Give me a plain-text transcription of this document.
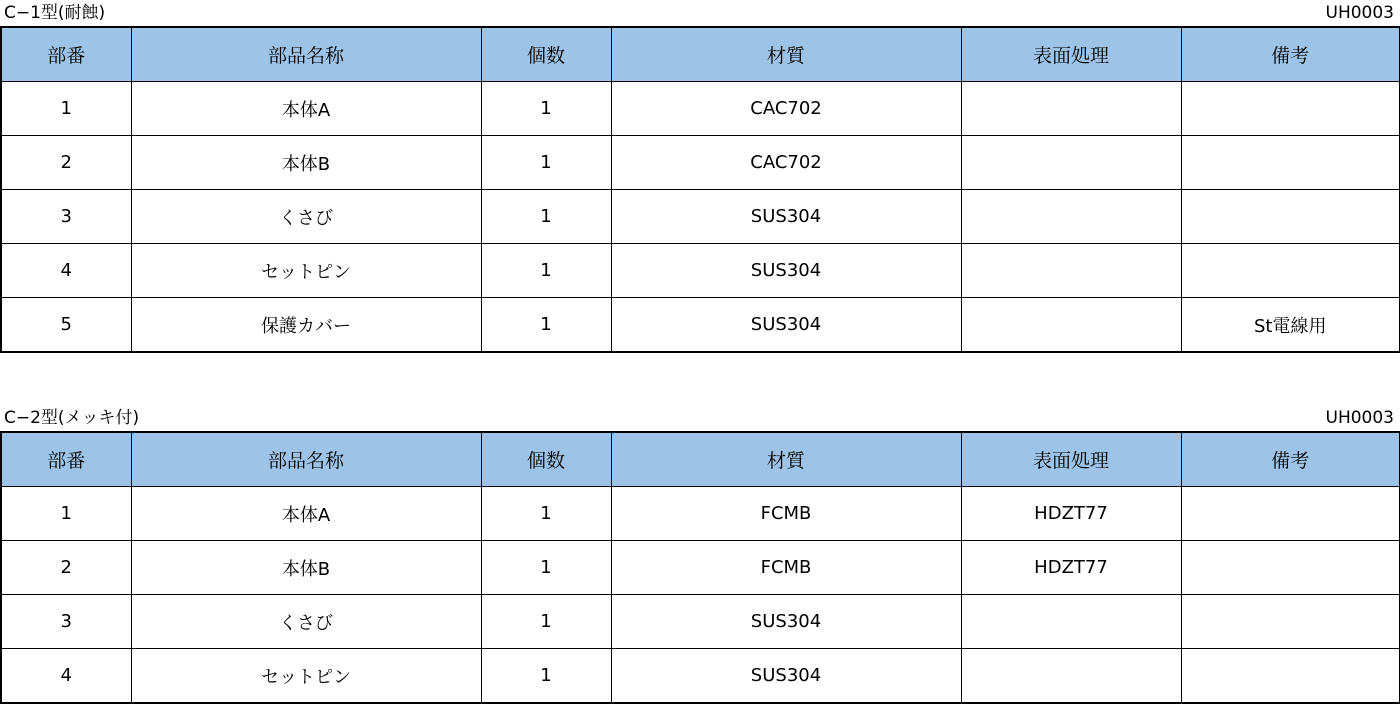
C−1型(耐蝕)	UH0003
部番	部品名称	個数	材質	表面処理	備考
1	本体A	1	CAC702		
2	本体B	1	CAC702		
3	くさび	1	SUS304		
4	セットピン	1	SUS304		
5	保護カバー	1	SUS304		St電線用
C−2型(メッキ付)	UH0003
部番	部品名称	個数	材質	表面処理	備考
1	本体A	1	FCMB	HDZT77	
2	本体B	1	FCMB	HDZT77	
3	くさび	1	SUS304		
4	セットピン	1	SUS304		
